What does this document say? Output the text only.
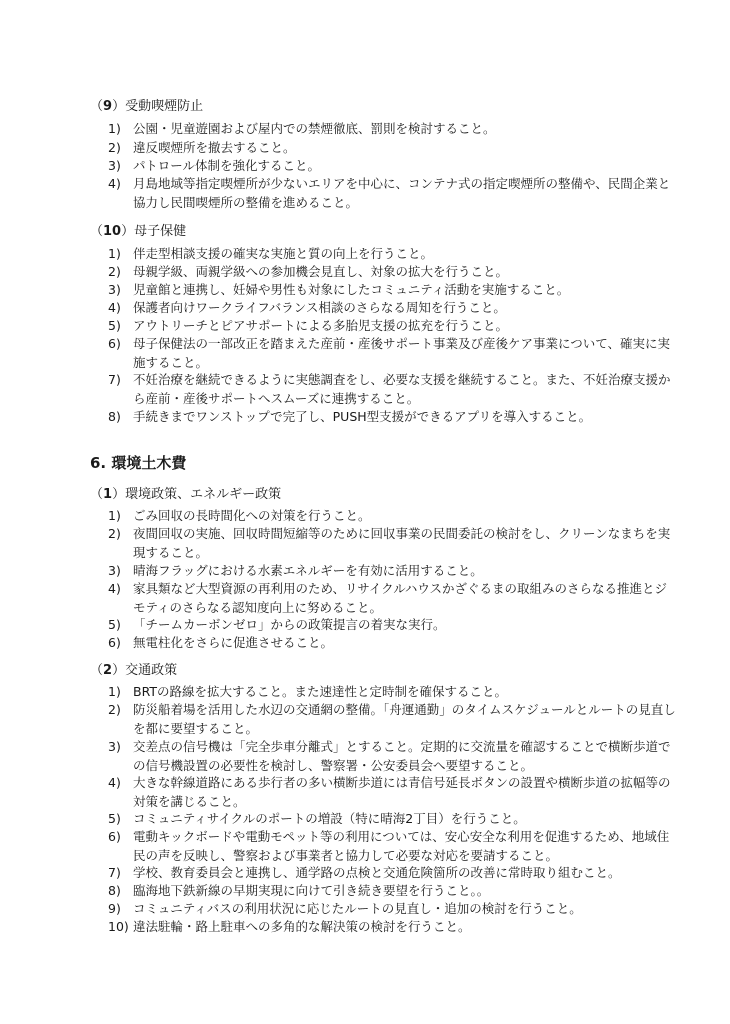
（9）受動喫煙防止
1) 公園・児童遊園および屋内での禁煙徹底、罰則を検討すること。
2) 違反喫煙所を撤去すること。
3) パトロール体制を強化すること。
4) 月島地域等指定喫煙所が少ないエリアを中心に、コンテナ式の指定喫煙所の整備や、民間企業と協力し民間喫煙所の整備を進めること。
（10）母子保健
1) 伴走型相談支援の確実な実施と質の向上を行うこと。
2) 母親学級、両親学級への参加機会見直し、対象の拡大を行うこと。
3) 児童館と連携し、妊婦や男性も対象にしたコミュニティ活動を実施すること。
4) 保護者向けワークライフバランス相談のさらなる周知を行うこと。
5) アウトリーチとピアサポートによる多胎児支援の拡充を行うこと。
6) 母子保健法の一部改正を踏まえた産前・産後サポート事業及び産後ケア事業について、確実に実施すること。
7) 不妊治療を継続できるように実態調査をし、必要な支援を継続すること。また、不妊治療支援から産前・産後サポートへスムーズに連携すること。
8) 手続きまでワンストップで完了し、PUSH型支援ができるアプリを導入すること。
6. 環境土木費
（1）環境政策、エネルギー政策
1) ごみ回収の長時間化への対策を行うこと。
2) 夜間回収の実施、回収時間短縮等のために回収事業の民間委託の検討をし、クリーンなまちを実現すること。
3) 晴海フラッグにおける水素エネルギーを有効に活用すること。
4) 家具類など大型資源の再利用のため、リサイクルハウスかざぐるまの取組みのさらなる推進とジモティのさらなる認知度向上に努めること。
5) 「チームカーボンゼロ」からの政策提言の着実な実行。
6) 無電柱化をさらに促進させること。
（2）交通政策
1) BRTの路線を拡大すること。また速達性と定時制を確保すること。
2) 防災船着場を活用した水辺の交通網の整備。「舟運通勤」のタイムスケジュールとルートの見直しを都に要望すること。
3) 交差点の信号機は「完全歩車分離式」とすること。定期的に交流量を確認することで横断歩道での信号機設置の必要性を検討し、警察署・公安委員会へ要望すること。
4) 大きな幹線道路にある歩行者の多い横断歩道には青信号延長ボタンの設置や横断歩道の拡幅等の対策を講じること。
5) コミュニティサイクルのポートの増設（特に晴海2丁目）を行うこと。
6) 電動キックボードや電動モペット等の利用については、安心安全な利用を促進するため、地域住民の声を反映し、警察および事業者と協力して必要な対応を要請すること。
7) 学校、教育委員会と連携し、通学路の点検と交通危険箇所の改善に常時取り組むこと。
8) 臨海地下鉄新線の早期実現に向けて引き続き要望を行うこと。。
9) コミュニティバスの利用状況に応じたルートの見直し・追加の検討を行うこと。
10) 違法駐輪・路上駐車への多角的な解決策の検討を行うこと。
